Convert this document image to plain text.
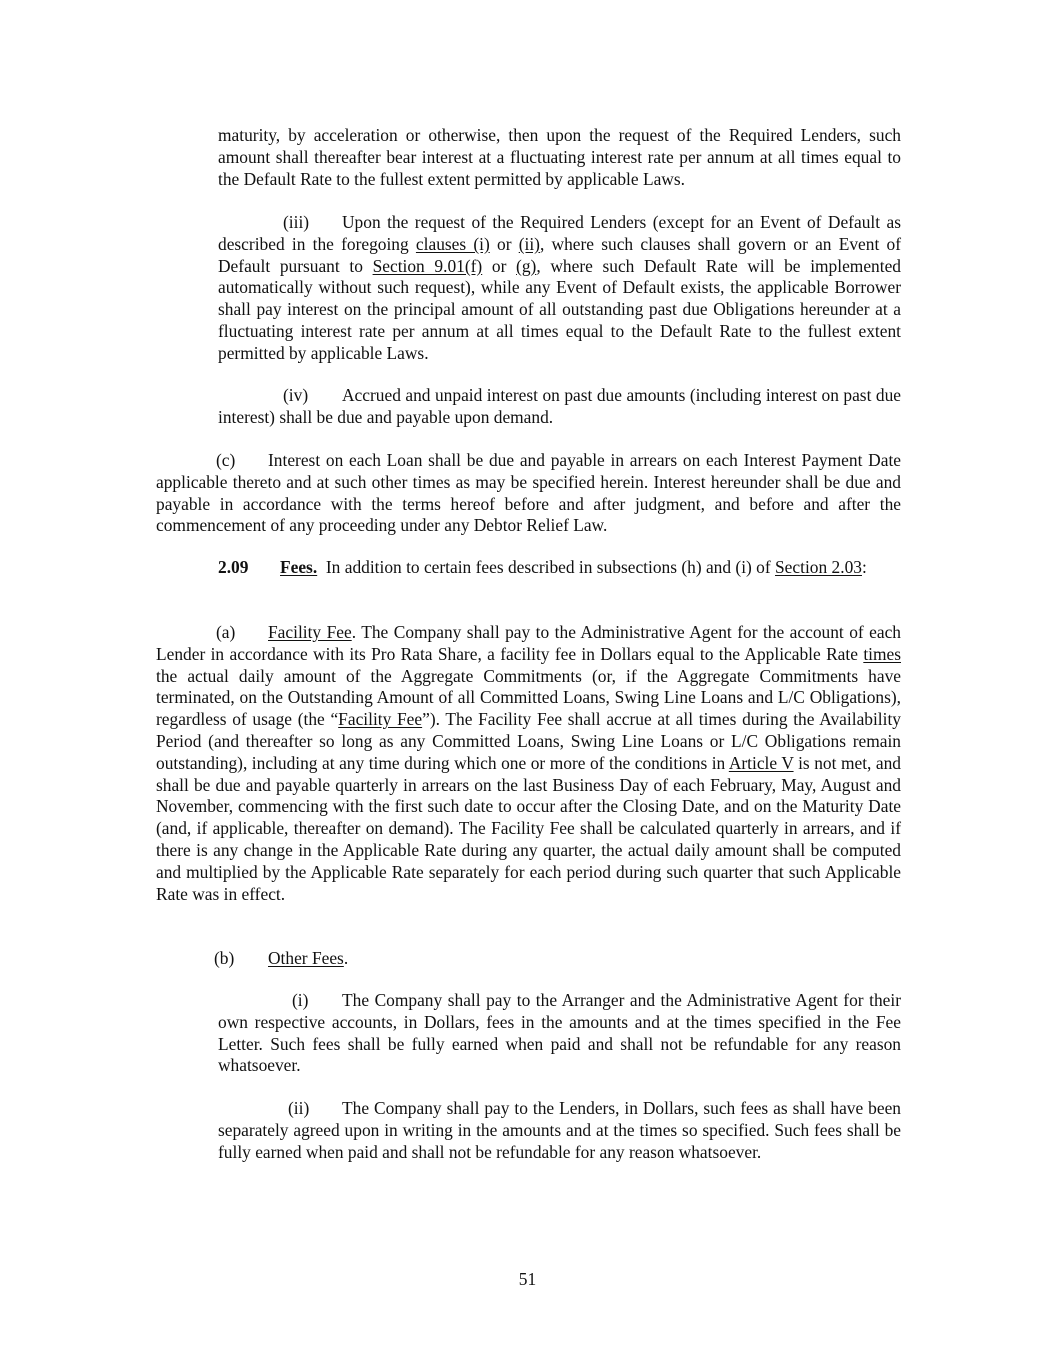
maturity, by acceleration or otherwise, then upon the request of the Required Lenders, such amount shall thereafter bear interest at a fluctuating interest rate per annum at all times equal to the Default Rate to the fullest extent permitted by applicable Laws.

(iii) Upon the request of the Required Lenders (except for an Event of Default as described in the foregoing clauses (i) or (ii), where such clauses shall govern or an Event of Default pursuant to Section 9.01(f) or (g), where such Default Rate will be implemented automatically without such request), while any Event of Default exists, the applicable Borrower shall pay interest on the principal amount of all outstanding past due Obligations hereunder at a fluctuating interest rate per annum at all times equal to the Default Rate to the fullest extent permitted by applicable Laws.

(iv) Accrued and unpaid interest on past due amounts (including interest on past due interest) shall be due and payable upon demand.

(c) Interest on each Loan shall be due and payable in arrears on each Interest Payment Date applicable thereto and at such other times as may be specified herein. Interest hereunder shall be due and payable in accordance with the terms hereof before and after judgment, and before and after the commencement of any proceeding under any Debtor Relief Law.

2.09 Fees. In addition to certain fees described in subsections (h) and (i) of Section 2.03:

(a) Facility Fee. The Company shall pay to the Administrative Agent for the account of each Lender in accordance with its Pro Rata Share, a facility fee in Dollars equal to the Applicable Rate times the actual daily amount of the Aggregate Commitments (or, if the Aggregate Commitments have terminated, on the Outstanding Amount of all Committed Loans, Swing Line Loans and L/C Obligations), regardless of usage (the “Facility Fee”). The Facility Fee shall accrue at all times during the Availability Period (and thereafter so long as any Committed Loans, Swing Line Loans or L/C Obligations remain outstanding), including at any time during which one or more of the conditions in Article V is not met, and shall be due and payable quarterly in arrears on the last Business Day of each February, May, August and November, commencing with the first such date to occur after the Closing Date, and on the Maturity Date (and, if applicable, thereafter on demand). The Facility Fee shall be calculated quarterly in arrears, and if there is any change in the Applicable Rate during any quarter, the actual daily amount shall be computed and multiplied by the Applicable Rate separately for each period during such quarter that such Applicable Rate was in effect.

(b) Other Fees.

(i) The Company shall pay to the Arranger and the Administrative Agent for their own respective accounts, in Dollars, fees in the amounts and at the times specified in the Fee Letter. Such fees shall be fully earned when paid and shall not be refundable for any reason whatsoever.

(ii) The Company shall pay to the Lenders, in Dollars, such fees as shall have been separately agreed upon in writing in the amounts and at the times so specified. Such fees shall be fully earned when paid and shall not be refundable for any reason whatsoever.

51
